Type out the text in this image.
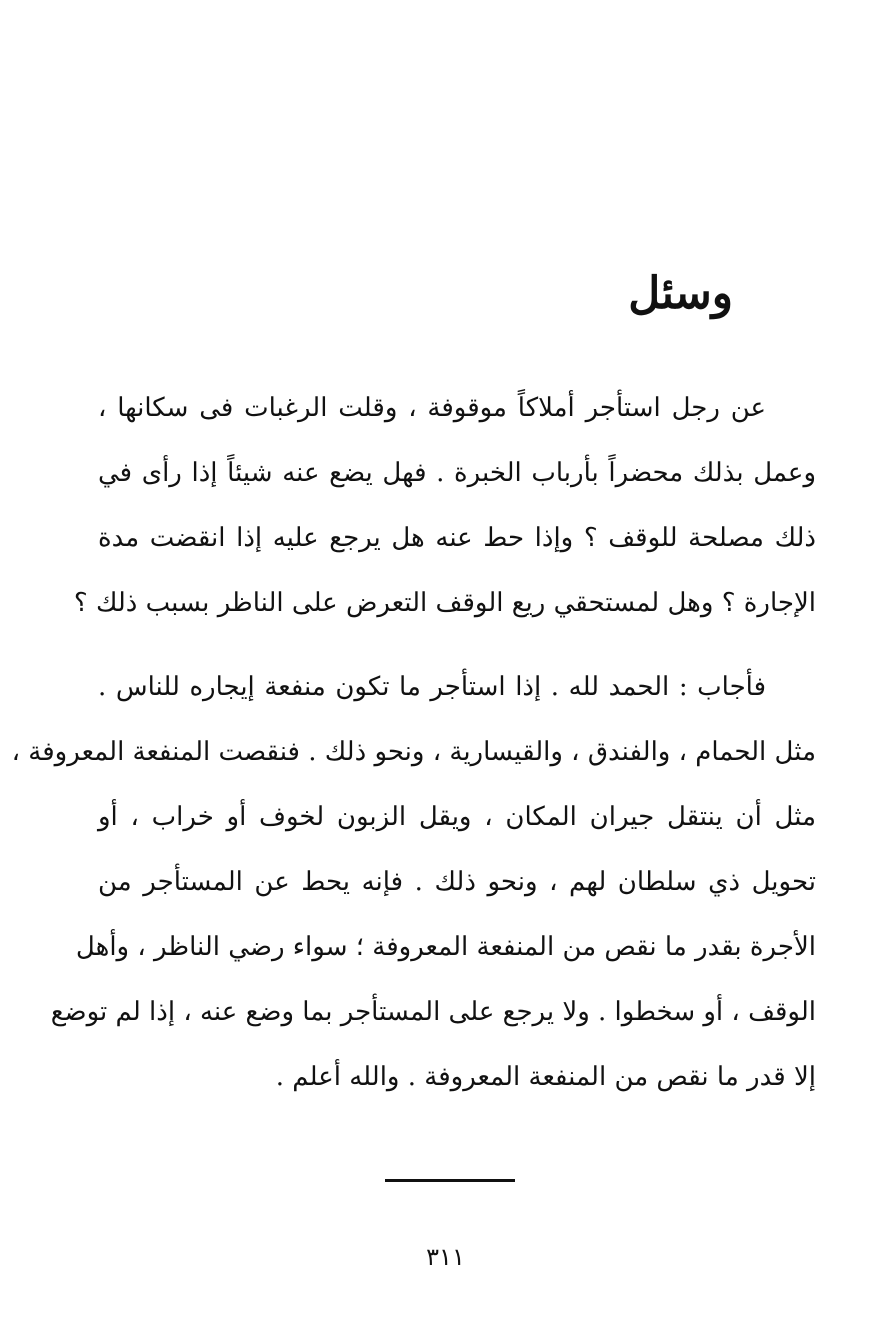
وسئل
عن رجل استأجر أملاكاً موقوفة ، وقلت الرغبات فى سكانها ،
وعمل بذلك محضراً بأرباب الخبرة . فهل يضع عنه شيئاً إذا رأى في
ذلك مصلحة للوقف ؟ وإذا حط عنه هل يرجع عليه إذا انقضت مدة
الإجارة ؟ وهل لمستحقي ريع الوقف التعرض على الناظر بسبب ذلك ؟
فأجاب : الحمد لله . إذا استأجر ما تكون منفعة إيجاره للناس .
مثل الحمام ، والفندق ، والقيسارية ، ونحو ذلك . فنقصت المنفعة المعروفة ،
مثل أن ينتقل جيران المكان ، ويقل الزبون لخوف أو خراب ، أو
تحويل ذي سلطان لهم ، ونحو ذلك . فإنه يحط عن المستأجر من
الأجرة بقدر ما نقص من المنفعة المعروفة ؛ سواء رضي الناظر ، وأهل
الوقف ، أو سخطوا . ولا يرجع على المستأجر بما وضع عنه ، إذا لم توضع
إلا قدر ما نقص من المنفعة المعروفة . والله أعلم .
٣١١
